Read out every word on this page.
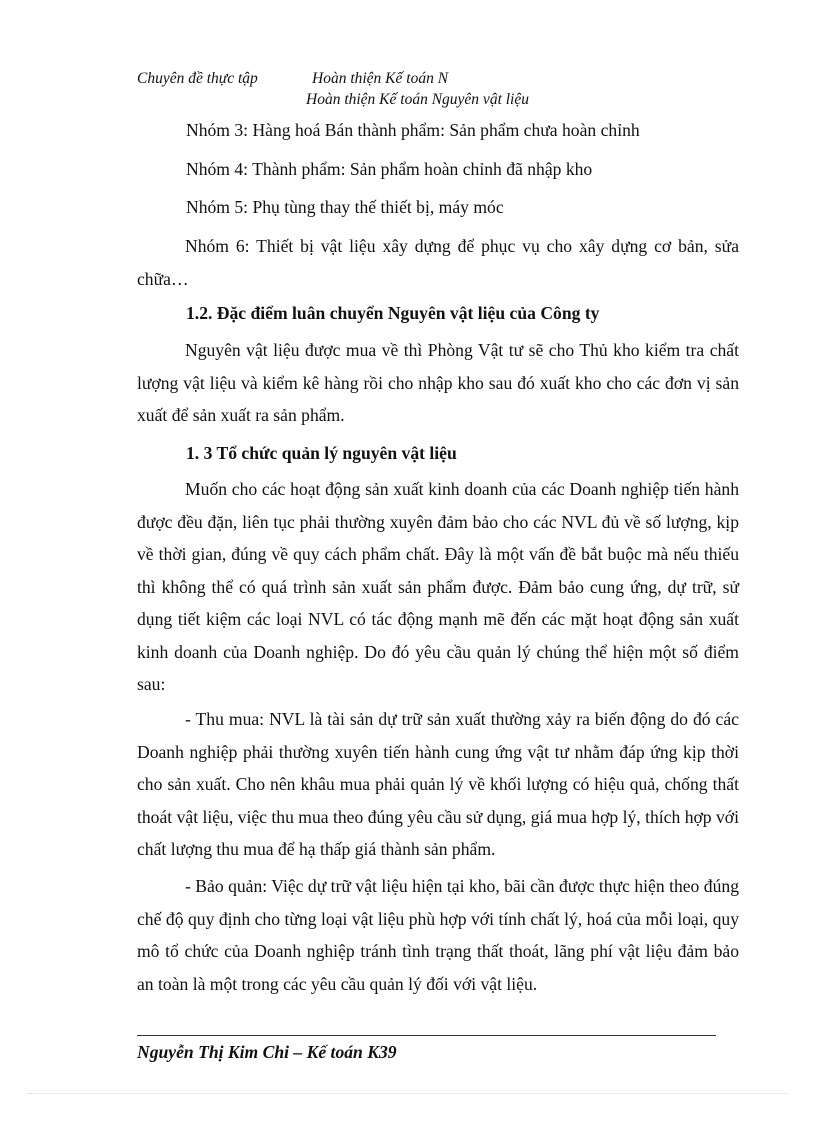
Chuyên đề thực tập	Hoàn thiện Kế toán N
Hoàn thiện Kế toán Nguyên vật liệu
Nhóm 3: Hàng hoá Bán thành phẩm: Sản phẩm chưa hoàn chỉnh
Nhóm 4: Thành phẩm: Sản phẩm hoàn chỉnh đã nhập kho
Nhóm 5: Phụ tùng thay thế thiết bị, máy móc
Nhóm 6: Thiết bị vật liệu xây dựng để phục vụ cho xây dựng cơ bản, sửa chữa…
1.2. Đặc điểm luân chuyển Nguyên vật liệu của Công ty
Nguyên vật liệu được mua về thì Phòng Vật tư sẽ cho Thủ kho kiểm tra chất lượng vật liệu và kiểm kê hàng rồi cho nhập kho sau đó xuất kho cho các đơn vị sản xuất để sản xuất ra sản phẩm.
1. 3 Tổ chức quản lý nguyên vật liệu
Muốn cho các hoạt động sản xuất kinh doanh của các Doanh nghiệp tiến hành được đều đặn, liên tục phải thường xuyên đảm bảo cho các NVL đủ về số lượng, kịp về thời gian, đúng về quy cách phẩm chất. Đây là một vấn đề bắt buộc mà nếu thiếu thì không thể có quá trình sản xuất sản phẩm được. Đảm bảo cung ứng, dự trữ, sử dụng tiết kiệm các loại NVL có tác động mạnh mẽ đến các mặt hoạt động sản xuất kinh doanh của Doanh nghiệp. Do đó yêu cầu quản lý chúng thể hiện một số điểm sau:
- Thu mua: NVL là tài sản dự trữ sản xuất thường xảy ra biến động do đó các Doanh nghiệp phải thường xuyên tiến hành cung ứng vật tư nhằm đáp ứng kịp thời cho sản xuất. Cho nên khâu mua phải quản lý về khối lượng có hiệu quả, chống thất thoát vật liệu, việc thu mua theo đúng yêu cầu sử dụng, giá mua hợp lý, thích hợp với chất lượng thu mua để hạ thấp giá thành sản phẩm.
- Bảo quản: Việc dự trữ vật liệu hiện tại kho, bãi cần được thực hiện theo đúng chế độ quy định cho từng loại vật liệu phù hợp với tính chất lý, hoá của mỗi loại, quy mô tổ chức của Doanh nghiệp tránh tình trạng thất thoát, lãng phí vật liệu đảm bảo an toàn là một trong các yêu cầu quản lý đối với vật liệu.
Nguyễn Thị Kim Chi – Kế toán K39
